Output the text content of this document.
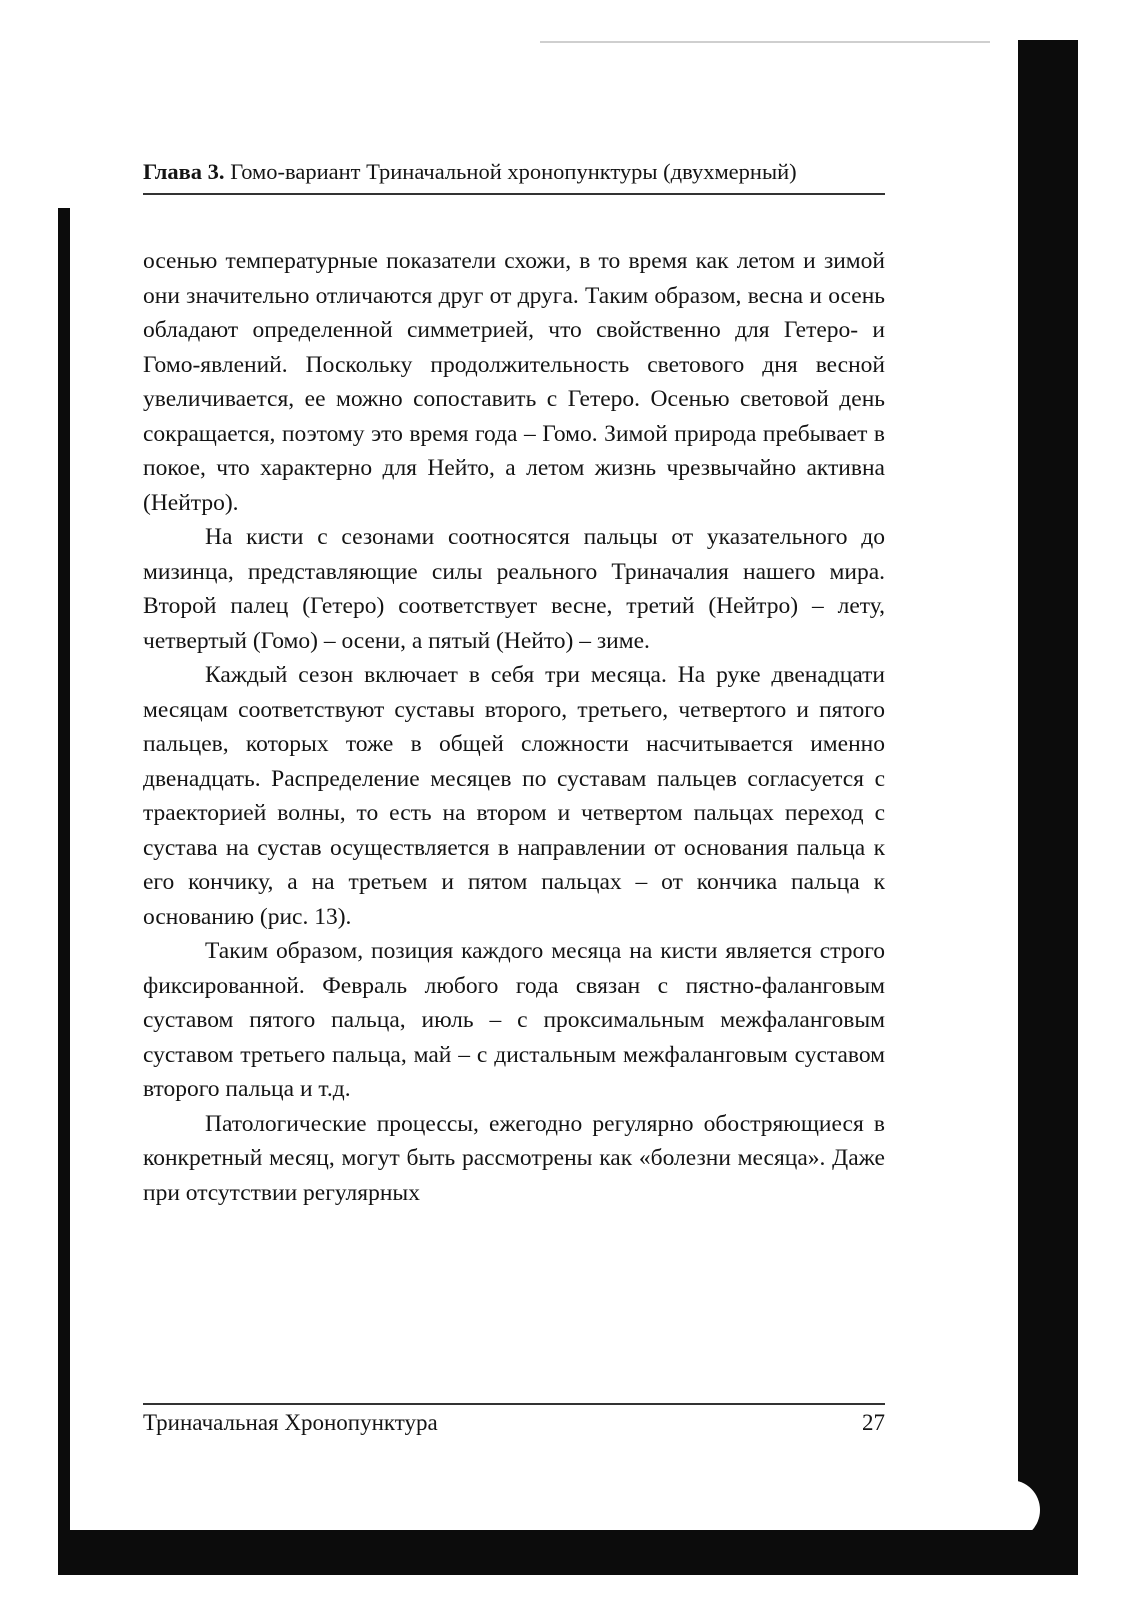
Глава 3. Гомо-вариант Триначальной хронопунктуры (двухмерный)

осенью температурные показатели схожи, в то время как летом и зимой они значительно отличаются друг от друга. Таким образом, весна и осень обладают определенной симметрией, что свойственно для Гетеро- и Гомо-явлений. Поскольку продолжительность светового дня весной увеличивается, ее можно сопоставить с Гетеро. Осенью световой день сокращается, поэтому это время года – Гомо. Зимой природа пребывает в покое, что характерно для Нейто, а летом жизнь чрезвычайно активна (Нейтро).

На кисти с сезонами соотносятся пальцы от указательного до мизинца, представляющие силы реального Триначалия нашего мира. Второй палец (Гетеро) соответствует весне, третий (Нейтро) – лету, четвертый (Гомо) – осени, а пятый (Нейто) – зиме.

Каждый сезон включает в себя три месяца. На руке двенадцати месяцам соответствуют суставы второго, третьего, четвертого и пятого пальцев, которых тоже в общей сложности насчитывается именно двенадцать. Распределение месяцев по суставам пальцев согласуется с траекторией волны, то есть на втором и четвертом пальцах переход с сустава на сустав осуществляется в направлении от основания пальца к его кончику, а на третьем и пятом пальцах – от кончика пальца к основанию (рис. 13).

Таким образом, позиция каждого месяца на кисти является строго фиксированной. Февраль любого года связан с пястно-фаланговым суставом пятого пальца, июль – с проксимальным межфаланговым суставом третьего пальца, май – с дистальным межфаланговым суставом второго пальца и т.д.

Патологические процессы, ежегодно регулярно обостряющиеся в конкретный месяц, могут быть рассмотрены как «болезни месяца». Даже при отсутствии регулярных

Триначальная Хронопунктура	27
